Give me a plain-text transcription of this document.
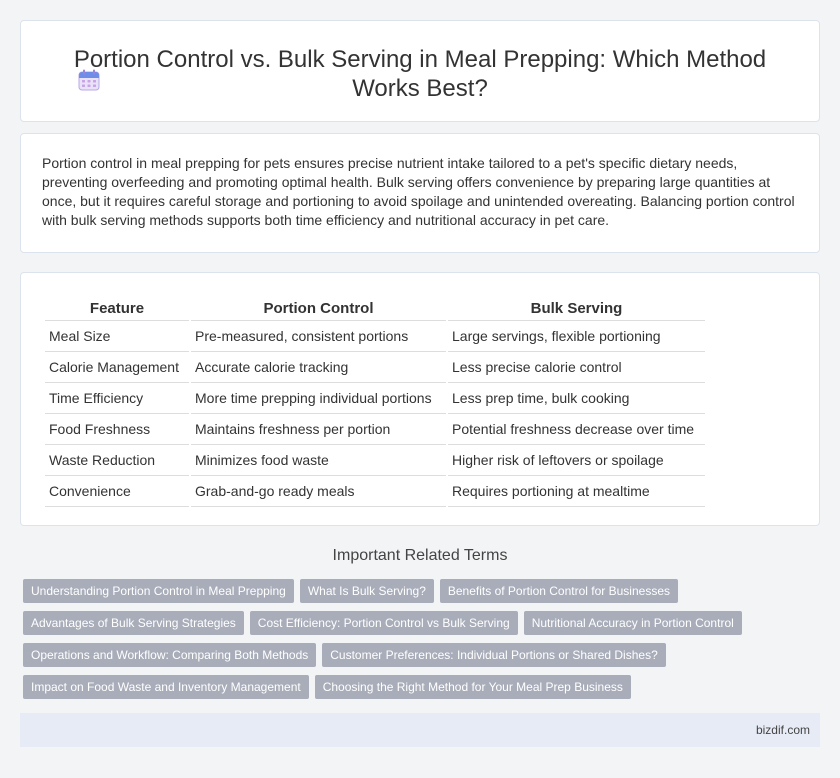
Portion Control vs. Bulk Serving in Meal Prepping: Which Method Works Best?

Portion control in meal prepping for pets ensures precise nutrient intake tailored to a pet's specific dietary needs, preventing overfeeding and promoting optimal health. Bulk serving offers convenience by preparing large quantities at once, but it requires careful storage and portioning to avoid spoilage and unintended overeating. Balancing portion control with bulk serving methods supports both time efficiency and nutritional accuracy in pet care.

Feature	Portion Control	Bulk Serving
Meal Size	Pre-measured, consistent portions	Large servings, flexible portioning
Calorie Management	Accurate calorie tracking	Less precise calorie control
Time Efficiency	More time prepping individual portions	Less prep time, bulk cooking
Food Freshness	Maintains freshness per portion	Potential freshness decrease over time
Waste Reduction	Minimizes food waste	Higher risk of leftovers or spoilage
Convenience	Grab-and-go ready meals	Requires portioning at mealtime
Important Related Terms
Understanding Portion Control in Meal Prepping What Is Bulk Serving? Benefits of Portion Control for Businesses
Advantages of Bulk Serving Strategies Cost Efficiency: Portion Control vs Bulk Serving Nutritional Accuracy in Portion Control
Operations and Workflow: Comparing Both Methods Customer Preferences: Individual Portions or Shared Dishes?
Impact on Food Waste and Inventory Management Choosing the Right Method for Your Meal Prep Business
bizdif.com
